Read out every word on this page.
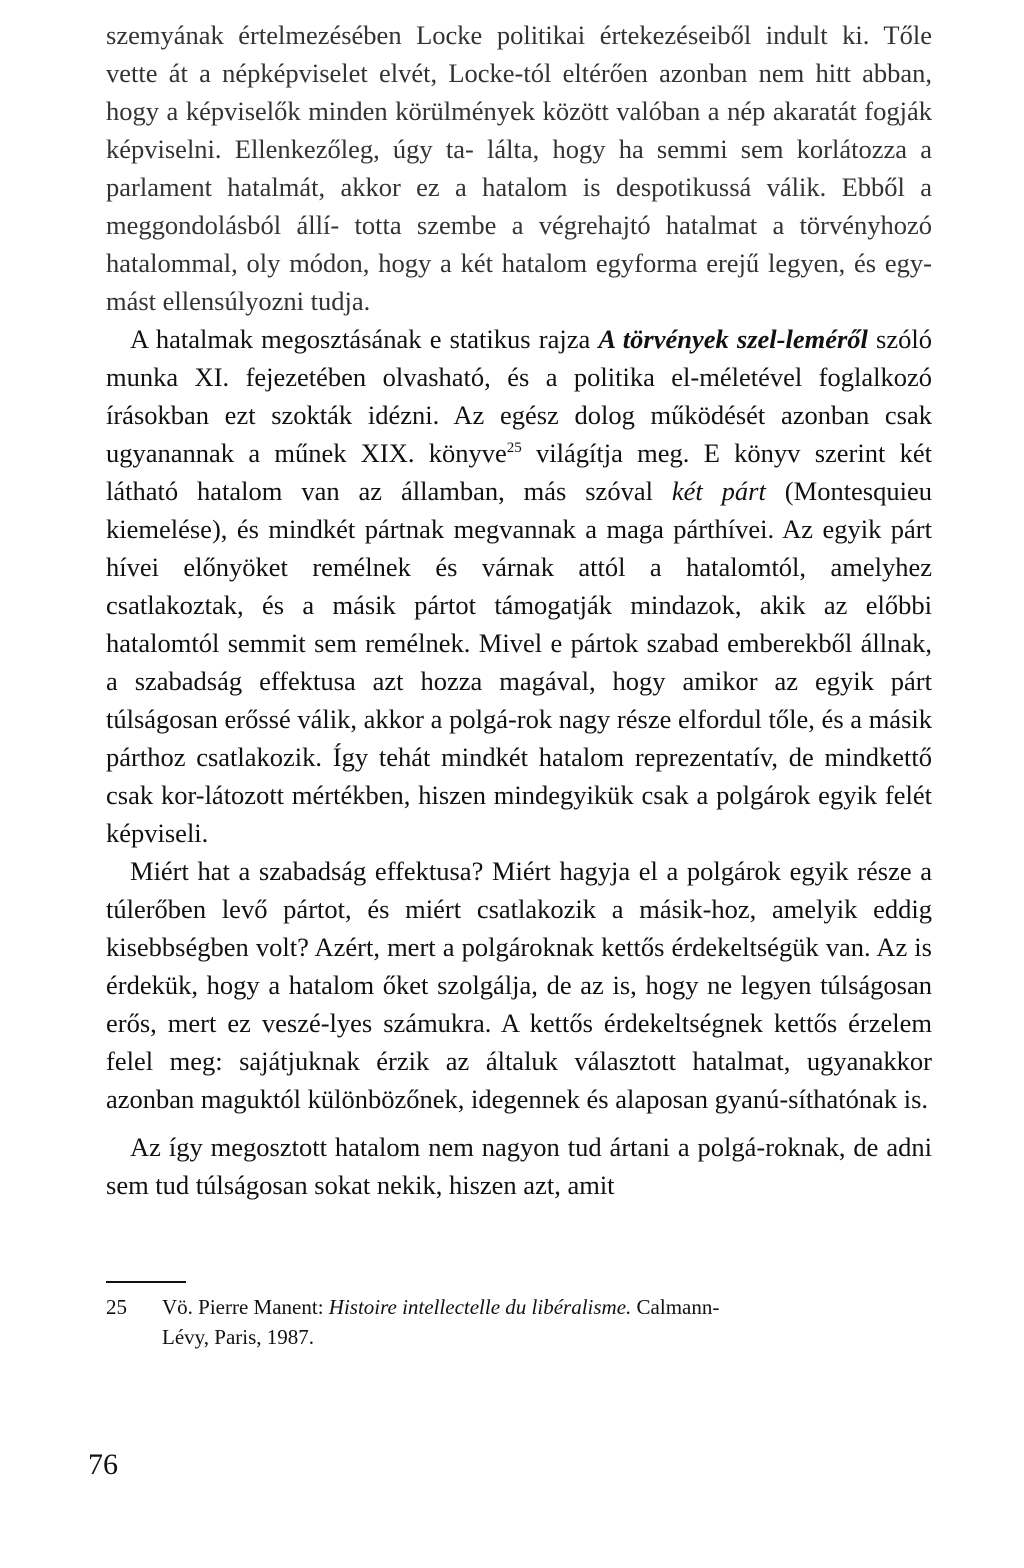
szemyának értelmezésében Locke politikai értekezéseiből indult ki. Tőle vette át a népképviselet elvét, Locke-tól eltérően azonban nem hitt abban, hogy a képviselők minden körülmények között valóban a nép akaratát fogják képviselni. Ellenkezőleg, úgy ta- lálta, hogy ha semmi sem korlátozza a parlament hatalmát, akkor ez a hatalom is despotikussá válik. Ebből a meggondolásból állí- totta szembe a végrehajtó hatalmat a törvényhozó hatalommal, oly módon, hogy a két hatalom egyforma erejű legyen, és egy- mást ellensúlyozni tudja.

A hatalmak megosztásának e statikus rajza A törvények szel-leméről szóló munka XI. fejezetében olvasható, és a politika el-méletével foglalkozó írásokban ezt szokták idézni. Az egész dolog működését azonban csak ugyanannak a műnek XIX. könyve$^{25}$ világítja meg. E könyv szerint két látható hatalom van az államban, más szóval két párt (Montesquieu kiemelése), és mindkét pártnak megvannak a maga párthívei. Az egyik párt hívei előnyöket remélnek és várnak attól a hatalomtól, amelyhez csatlakoztak, és a másik pártot támogatják mindazok, akik az előbbi hatalomtól semmit sem remélnek. Mivel e pártok szabad emberekből állnak, a szabadság effektusa azt hozza magával, hogy amikor az egyik párt túlságosan erőssé válik, akkor a polgá-rok nagy része elfordul tőle, és a másik párthoz csatlakozik. Így tehát mindkét hatalom reprezentatív, de mindkettő csak kor-látozott mértékben, hiszen mindegyikük csak a polgárok egyik felét képviseli.

Miért hat a szabadság effektusa? Miért hagyja el a polgárok egyik része a túlerőben levő pártot, és miért csatlakozik a másik-hoz, amelyik eddig kisebbségben volt? Azért, mert a polgároknak kettős érdekeltségük van. Az is érdekük, hogy a hatalom őket szolgálja, de az is, hogy ne legyen túlságosan erős, mert ez veszé-lyes számukra. A kettős érdekeltségnek kettős érzelem felel meg: sajátjuknak érzik az általuk választott hatalmat, ugyanakkor azonban maguktól különbözőnek, idegennek és alaposan gyanú-síthatónak is.

Az így megosztott hatalom nem nagyon tud ártani a polgá-roknak, de adni sem tud túlságosan sokat nekik, hiszen azt, amit

25 Vö. Pierre Manent: Histoire intellectelle du libéralisme. Calmann-
Lévy, Paris, 1987.
76
